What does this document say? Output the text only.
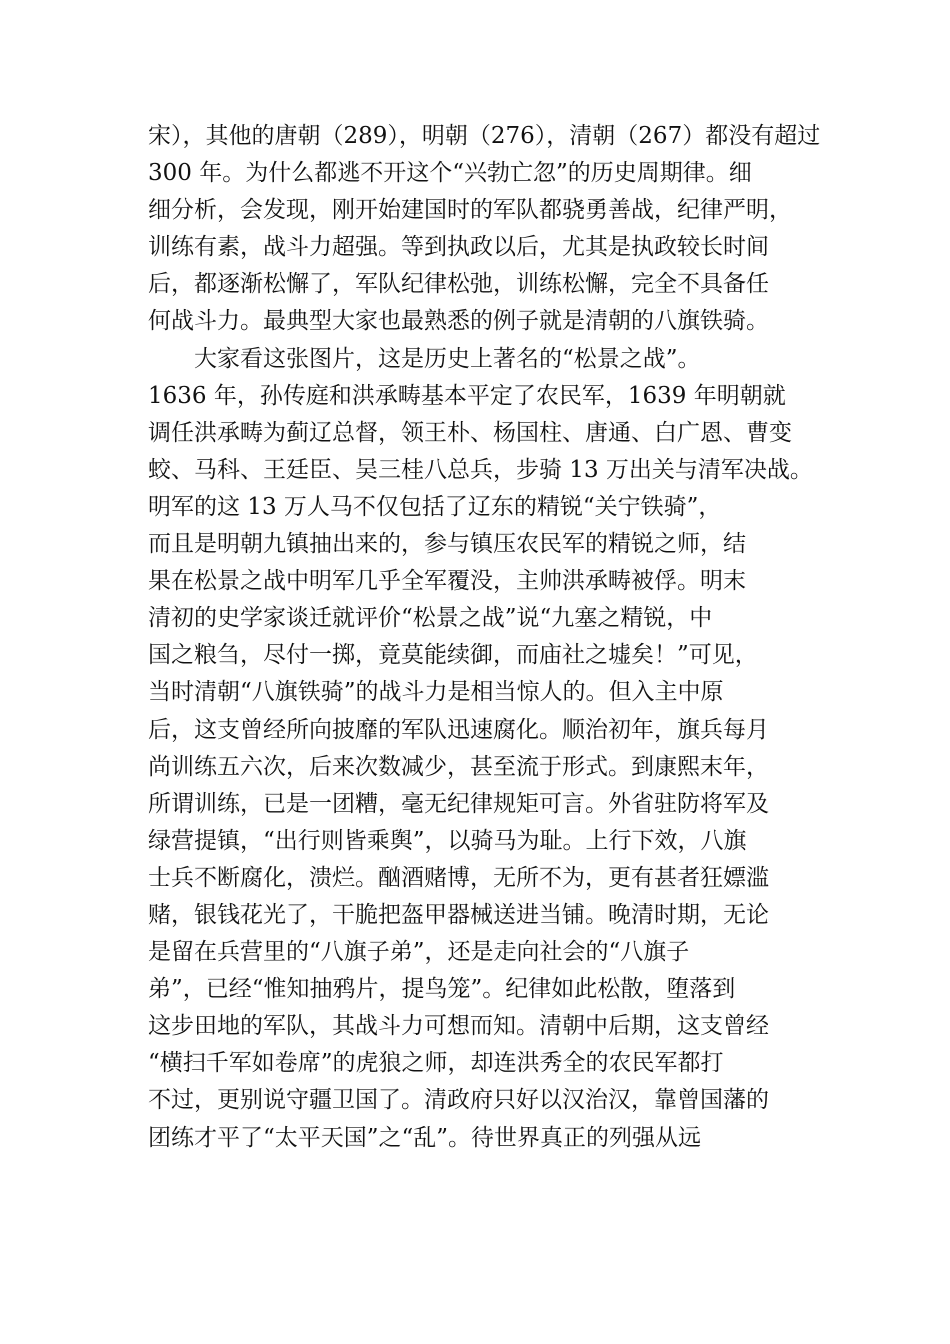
宋），其他的唐朝（289），明朝（276），清朝（267）都没有超过
300 年。为什么都逃不开这个“兴勃亡忽”的历史周期律。细
细分析，会发现，刚开始建国时的军队都骁勇善战，纪律严明，
训练有素，战斗力超强。等到执政以后，尤其是执政较长时间
后，都逐渐松懈了，军队纪律松弛，训练松懈，完全不具备任
何战斗力。最典型大家也最熟悉的例子就是清朝的八旗铁骑。
　　大家看这张图片，这是历史上著名的“松景之战”。
1636 年，孙传庭和洪承畴基本平定了农民军，1639 年明朝就
调任洪承畴为蓟辽总督，领王朴、杨国柱、唐通、白广恩、曹变
蛟、马科、王廷臣、吴三桂八总兵，步骑 13 万出关与清军决战。
明军的这 13 万人马不仅包括了辽东的精锐“关宁铁骑”，
而且是明朝九镇抽出来的，参与镇压农民军的精锐之师，结
果在松景之战中明军几乎全军覆没，主帅洪承畴被俘。明末
清初的史学家谈迁就评价“松景之战”说“九塞之精锐，中
国之粮刍，尽付一掷，竟莫能续御，而庙社之墟矣！”可见，
当时清朝“八旗铁骑”的战斗力是相当惊人的。但入主中原
后，这支曾经所向披靡的军队迅速腐化。顺治初年，旗兵每月
尚训练五六次，后来次数减少，甚至流于形式。到康熙末年，
所谓训练，已是一团糟，毫无纪律规矩可言。外省驻防将军及
绿营提镇，“出行则皆乘舆”，以骑马为耻。上行下效，八旗
士兵不断腐化，溃烂。酗酒赌博，无所不为，更有甚者狂嫖滥
赌，银钱花光了，干脆把盔甲器械送进当铺。晚清时期，无论
是留在兵营里的“八旗子弟”，还是走向社会的“八旗子
弟”，已经“惟知抽鸦片，提鸟笼”。纪律如此松散，堕落到
这步田地的军队，其战斗力可想而知。清朝中后期，这支曾经
“横扫千军如卷席”的虎狼之师，却连洪秀全的农民军都打
不过，更别说守疆卫国了。清政府只好以汉治汉，靠曾国藩的
团练才平了“太平天国”之“乱”。待世界真正的列强从远
